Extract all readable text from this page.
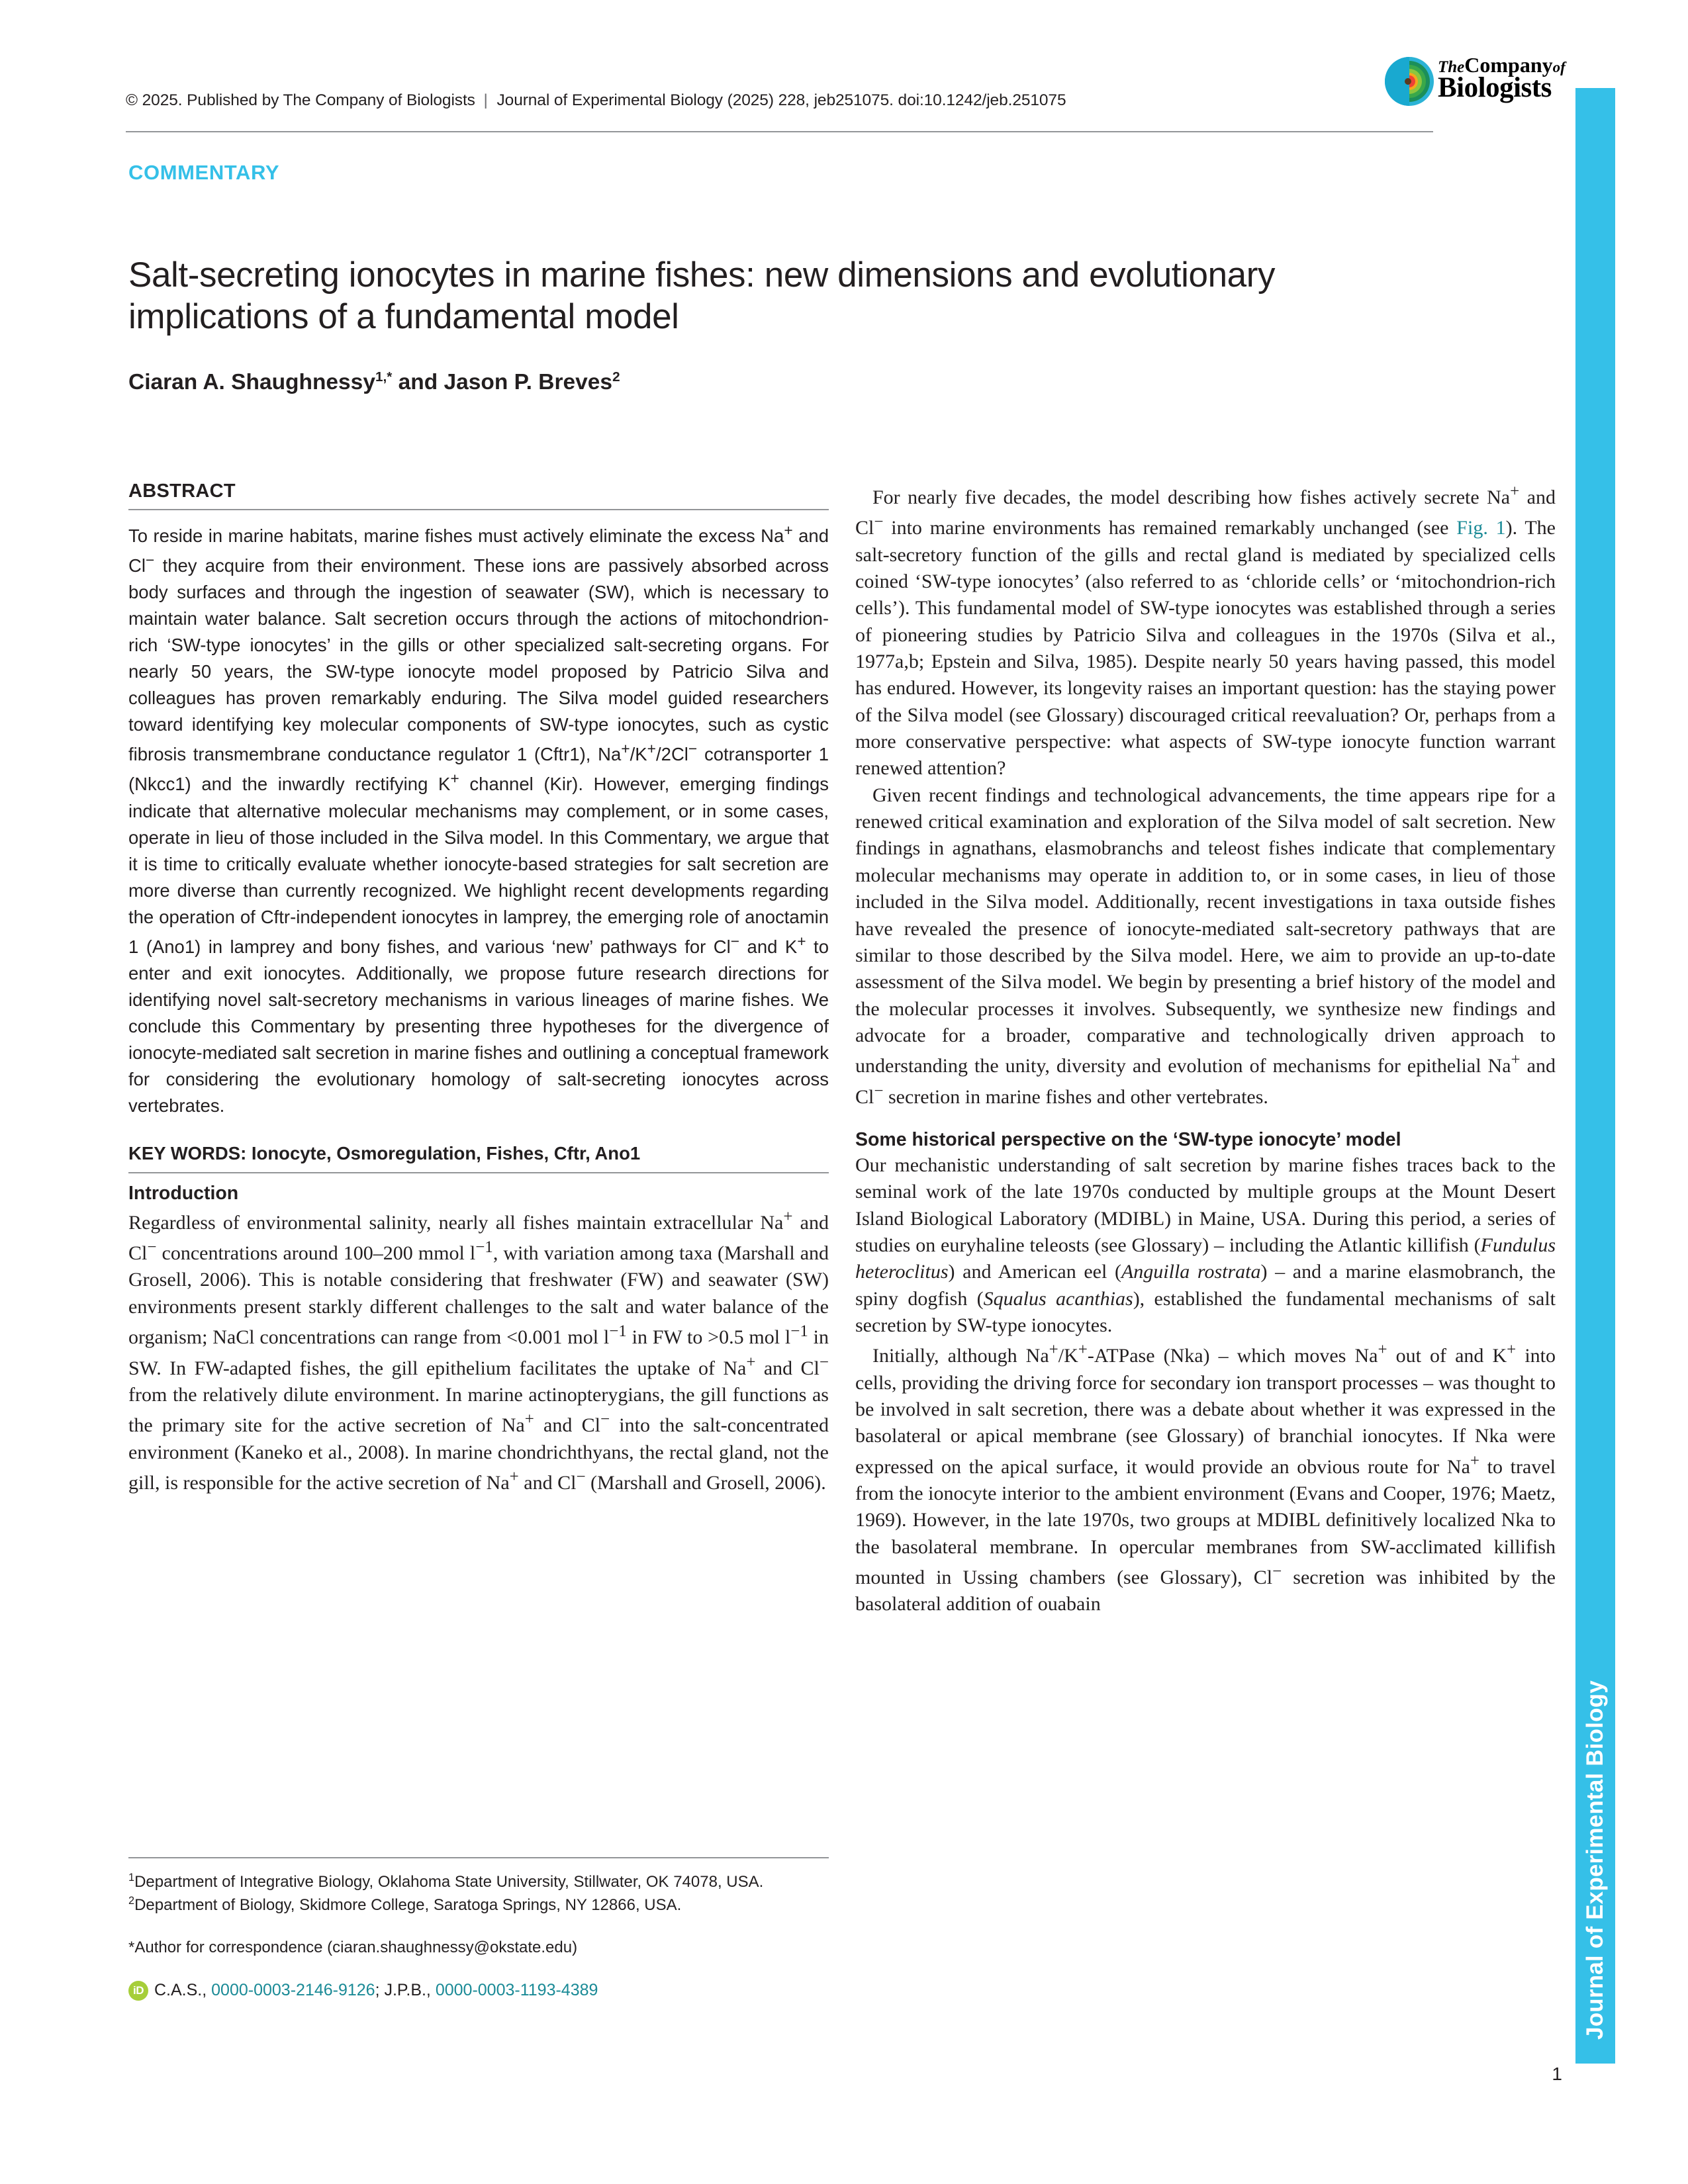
Journal of Experimental Biology
© 2025. Published by The Company of Biologists | Journal of Experimental Biology (2025) 228, jeb251075. doi:10.1242/jeb.251075
TheCompanyof
Biologists
COMMENTARY
Salt-secreting ionocytes in marine fishes: new dimensions and evolutionary implications of a fundamental model
Ciaran A. Shaughnessy$^{1,*}$ and Jason P. Breves$^2$
ABSTRACT

To reside in marine habitats, marine fishes must actively eliminate the excess Na+ and Cl− they acquire from their environment. These ions are passively absorbed across body surfaces and through the ingestion of seawater (SW), which is necessary to maintain water balance. Salt secretion occurs through the actions of mitochondrion-rich ‘SW-type ionocytes’ in the gills or other specialized salt-secreting organs. For nearly 50 years, the SW-type ionocyte model proposed by Patricio Silva and colleagues has proven remarkably enduring. The Silva model guided researchers toward identifying key molecular components of SW-type ionocytes, such as cystic fibrosis transmembrane conductance regulator 1 (Cftr1), Na+/K+/2Cl− cotransporter 1 (Nkcc1) and the inwardly rectifying K+ channel (Kir). However, emerging findings indicate that alternative molecular mechanisms may complement, or in some cases, operate in lieu of those included in the Silva model. In this Commentary, we argue that it is time to critically evaluate whether ionocyte-based strategies for salt secretion are more diverse than currently recognized. We highlight recent developments regarding the operation of Cftr-independent ionocytes in lamprey, the emerging role of anoctamin 1 (Ano1) in lamprey and bony fishes, and various ‘new’ pathways for Cl− and K+ to enter and exit ionocytes. Additionally, we propose future research directions for identifying novel salt-secretory mechanisms in various lineages of marine fishes. We conclude this Commentary by presenting three hypotheses for the divergence of ionocyte-mediated salt secretion in marine fishes and outlining a conceptual framework for considering the evolutionary homology of salt-secreting ionocytes across vertebrates.

KEY WORDS: Ionocyte, Osmoregulation, Fishes, Cftr, Ano1
Introduction

Regardless of environmental salinity, nearly all fishes maintain extracellular Na+ and Cl− concentrations around 100–200 mmol $l^{-1}$, with variation among taxa (Marshall and Grosell, 2006). This is notable considering that freshwater (FW) and seawater (SW) environments present starkly different challenges to the salt and water balance of the organism; NaCl concentrations can range from <0.001 mol $l^{-1}$ in FW to >0.5 mol $l^{-1}$ in SW. In FW-adapted fishes, the gill epithelium facilitates the uptake of Na+ and Cl− from the relatively dilute environment. In marine actinopterygians, the gill functions as the primary site for the active secretion of Na+ and Cl− into the salt-concentrated environment (Kaneko et al., 2008). In marine chondrichthyans, the rectal gland, not the gill, is responsible for the active secretion of Na+ and Cl− (Marshall and Grosell, 2006).

$^1$Department of Integrative Biology, Oklahoma State University, Stillwater, OK 74078, USA. $^2$Department of Biology, Skidmore College, Saratoga Springs, NY 12866, USA.
*Author for correspondence (ciaran.shaughnessy@okstate.edu)
iD C.A.S., 0000-0003-2146-9126; J.P.B., 0000-0003-1193-4389

For nearly five decades, the model describing how fishes actively secrete Na+ and Cl− into marine environments has remained remarkably unchanged (see Fig. 1). The salt-secretory function of the gills and rectal gland is mediated by specialized cells coined ‘SW-type ionocytes’ (also referred to as ‘chloride cells’ or ‘mitochondrion-rich cells’). This fundamental model of SW-type ionocytes was established through a series of pioneering studies by Patricio Silva and colleagues in the 1970s (Silva et al., 1977a,b; Epstein and Silva, 1985). Despite nearly 50 years having passed, this model has endured. However, its longevity raises an important question: has the staying power of the Silva model (see Glossary) discouraged critical reevaluation? Or, perhaps from a more conservative perspective: what aspects of SW-type ionocyte function warrant renewed attention?

Given recent findings and technological advancements, the time appears ripe for a renewed critical examination and exploration of the Silva model of salt secretion. New findings in agnathans, elasmobranchs and teleost fishes indicate that complementary molecular mechanisms may operate in addition to, or in some cases, in lieu of those included in the Silva model. Additionally, recent investigations in taxa outside fishes have revealed the presence of ionocyte-mediated salt-secretory pathways that are similar to those described by the Silva model. Here, we aim to provide an up-to-date assessment of the Silva model. We begin by presenting a brief history of the model and the molecular processes it involves. Subsequently, we synthesize new findings and advocate for a broader, comparative and technologically driven approach to understanding the unity, diversity and evolution of mechanisms for epithelial Na+ and Cl− secretion in marine fishes and other vertebrates.

Some historical perspective on the ‘SW-type ionocyte’ model

Our mechanistic understanding of salt secretion by marine fishes traces back to the seminal work of the late 1970s conducted by multiple groups at the Mount Desert Island Biological Laboratory (MDIBL) in Maine, USA. During this period, a series of studies on euryhaline teleosts (see Glossary) – including the Atlantic killifish (Fundulus heteroclitus) and American eel (Anguilla rostrata) – and a marine elasmobranch, the spiny dogfish (Squalus acanthias), established the fundamental mechanisms of salt secretion by SW-type ionocytes.

Initially, although Na+/K+-ATPase (Nka) – which moves Na+ out of and K+ into cells, providing the driving force for secondary ion transport processes – was thought to be involved in salt secretion, there was a debate about whether it was expressed in the basolateral or apical membrane (see Glossary) of branchial ionocytes. If Nka were expressed on the apical surface, it would provide an obvious route for Na+ to travel from the ionocyte interior to the ambient environment (Evans and Cooper, 1976; Maetz, 1969). However, in the late 1970s, two groups at MDIBL definitively localized Nka to the basolateral membrane. In opercular membranes from SW-acclimated killifish mounted in Ussing chambers (see Glossary), Cl− secretion was inhibited by the basolateral addition of ouabain

1
